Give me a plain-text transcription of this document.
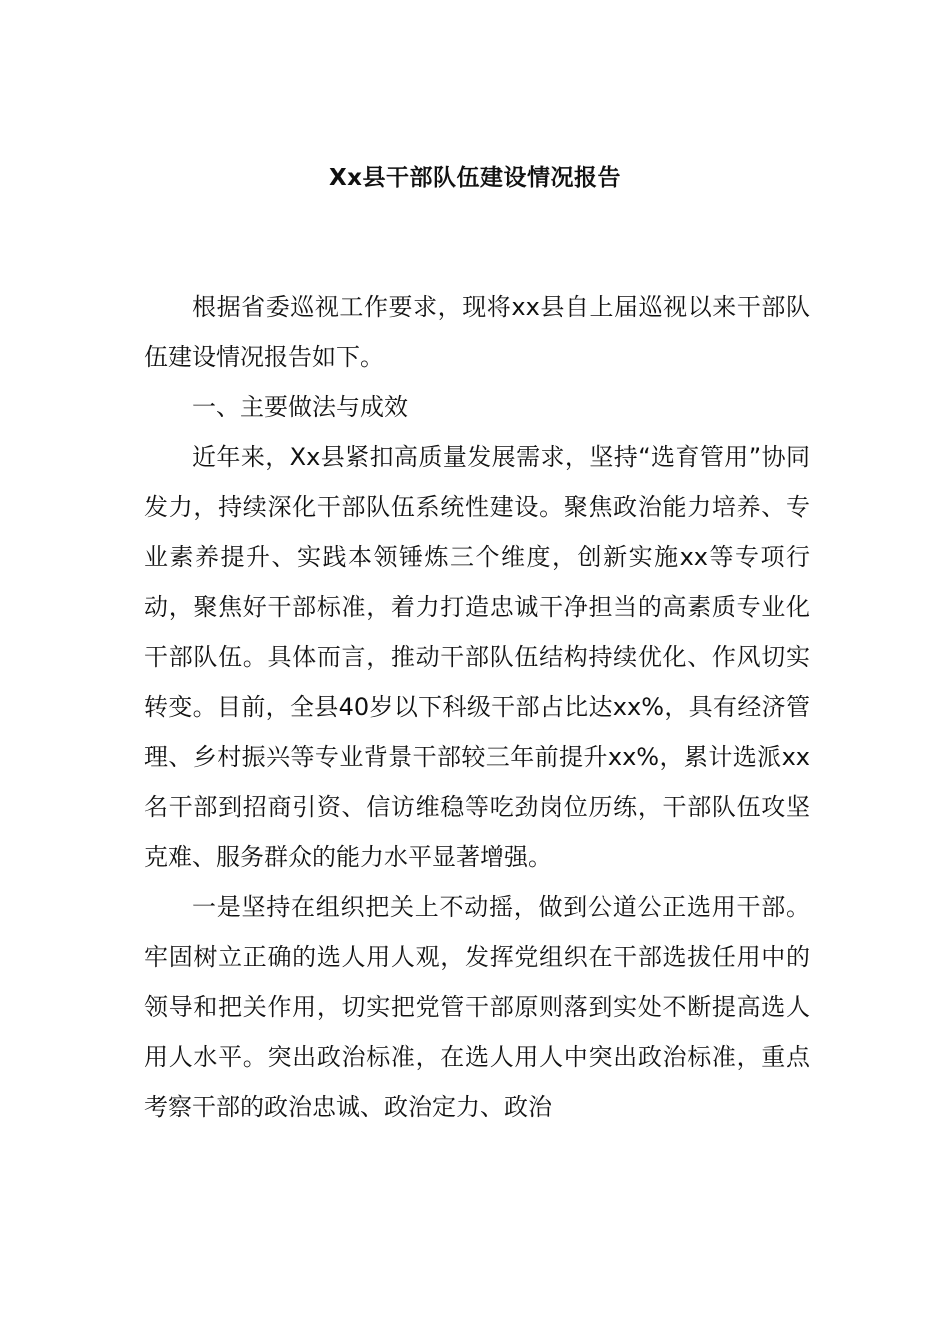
Xx县干部队伍建设情况报告

根据省委巡视工作要求，现将xx县自上届巡视以来干部队伍建设情况报告如下。

一、主要做法与成效

近年来，Xx县紧扣高质量发展需求，坚持“选育管用”协同发力，持续深化干部队伍系统性建设。聚焦政治能力培养、专业素养提升、实践本领锤炼三个维度，创新实施xx等专项行动，聚焦好干部标准，着力打造忠诚干净担当的高素质专业化干部队伍。具体而言，推动干部队伍结构持续优化、作风切实转变。目前，全县40岁以下科级干部占比达xx%，具有经济管理、乡村振兴等专业背景干部较三年前提升xx%，累计选派xx名干部到招商引资、信访维稳等吃劲岗位历练，干部队伍攻坚克难、服务群众的能力水平显著增强。

一是坚持在组织把关上不动摇，做到公道公正选用干部。牢固树立正确的选人用人观，发挥党组织在干部选拔任用中的领导和把关作用，切实把党管干部原则落到实处不断提高选人用人水平。突出政治标准，在选人用人中突出政治标准，重点考察干部的政治忠诚、政治定力、政治
